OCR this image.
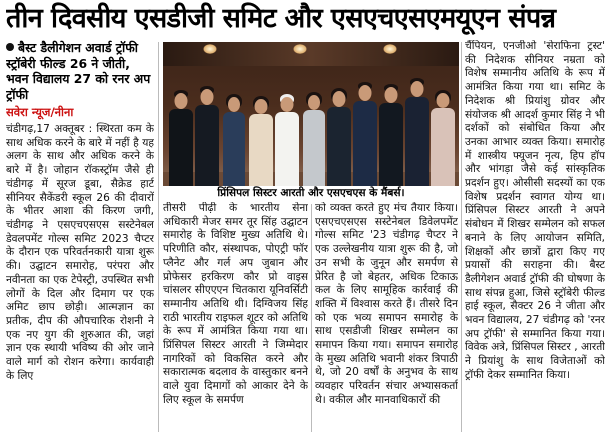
तीन दिवसीय एसडीजी समिट और एसएचएसएमयूएन संपन्न
बैस्ट डैलीगेशन अवार्ड ट्रॉफी स्ट्रॉबेरी फील्ड 26 ने जीती, भवन विद्यालय 27 को रनर अप ट्रॉफी
सवेरा न्यूज/नीना
चंडीगढ़,17 अक्तूबर : स्थिरता कम के साथ अधिक करने के बारे में नहीं है यह अलग के साथ और अधिक करने के बारे में है। जोहान रॉकस्ट्रॉम जैसे ही चंडीगढ़ में सूरज डूबा, सैक्रेड हार्ट सीनियर सैकेंडरी स्कूल 26 की दीवारों के भीतर आशा की किरण जगी, चंडीगढ़ ने एसएचएसएस सस्टेनेबल डेवलपमेंट गोल्स समिट 2023 चैप्टर के दौरान एक परिवर्तनकारी यात्रा शुरू की। उद्घाटन समारोह, परंपरा और नवीनता का एक टेपेस्ट्री, उपस्थित सभी लोगों के दिल और दिमाग पर एक अमिट छाप छोड़ी। आत्मज्ञान का प्रतीक, दीप की औपचारिक रोशनी ने एक नए युग की शुरुआत की, जहां ज्ञान एक स्थायी भविष्य की ओर जाने वाले मार्ग को रोशन करेगा। कार्यवाही के लिए
प्रिंसिपल सिस्टर आरती और एसएचएस के मैंबर्स।
तीसरी पीढ़ी के भारतीय सेना अधिकारी मेजर समर तूर सिंह उद्घाटन समारोह के विशिष्ट मुख्य अतिथि थे। परिणीति कौर, संस्थापक, पोएट्री फॉर प्लैनेट और गर्ल अप जुबान और प्रोफेसर हरकिरण कौर प्रो वाइस चांसलर सीएएएन चितकारा यूनिवर्सिटी सम्मानीय अतिथि थी। दिग्विजय सिंह राठी भारतीय राइफल शूटर को अतिथि के रूप में आमंत्रित किया गया था। प्रिंसिपल सिस्टर आरती ने जिम्मेदार नागरिकों को विकसित करने और सकारात्मक बदलाव के वास्तुकार बनने वाले युवा दिमागों को आकार देने के लिए स्कूल के समर्पण
को व्यक्त करते हुए मंच तैयार किया। एसएचएसएस सस्टेनेबल डिवेलपमेंट गोल्स समिट '23 चंडीगढ़ चैप्टर ने एक उल्लेखनीय यात्रा शुरू की है, जो उन सभी के जुनून और समर्पण से प्रेरित है जो बेहतर, अधिक टिकाऊ कल के लिए सामूहिक कार्रवाई की शक्ति में विश्वास करते हैं। तीसरे दिन को एक भव्य समापन समारोह के साथ एसडीजी शिखर सम्मेलन का समापन किया गया। समापन समारोह के मुख्य अतिथि भवानी शंकर त्रिपाठी थे, जो 20 वर्षों के अनुभव के साथ व्यवहार परिवर्तन संचार अभ्यासकर्ता थे। वकील और मानवाधिकारों की
चैंपियन, एनजीओ 'सेराफिना ट्रस्ट' की निदेशक सीनियर नम्रता को विशेष सम्मानीय अतिथि के रूप में आमंत्रित किया गया था। समिट के निदेशक श्री प्रियांशु ग्रोवर और संयोजक श्री आदर्श कुमार सिंह ने भी दर्शकों को संबोधित किया और उनका आभार व्यक्त किया। समारोह में शास्त्रीय फ्यूजन नृत्य, हिप हॉप और भांगड़ा जैसे कई सांस्कृतिक प्रदर्शन हुए। ओसीसी सदस्यों का एक विशेष प्रदर्शन स्वागत योग्य था। प्रिंसिपल सिस्टर आरती ने अपने संबोधन में शिखर सम्मेलन को सफल बनाने के लिए आयोजन समिति, शिक्षकों और छात्रों द्वारा किए गए प्रयासों की सराहना की। बैस्ट डैलीगेशन अवार्ड ट्रॉफी की घोषणा के साथ संपन्न हुआ, जिसे स्ट्रॉबेरी फील्ड हाई स्कूल, सैक्टर 26 ने जीता और भवन विद्यालय, 27 चंडीगढ़ को 'रनर अप ट्रॉफी' से सम्मानित किया गया। विवेक अत्रे, प्रिंसिपल सिस्टर , आरती ने प्रियांशु के साथ विजेताओं को ट्रॉफी देकर सम्मानित किया।
